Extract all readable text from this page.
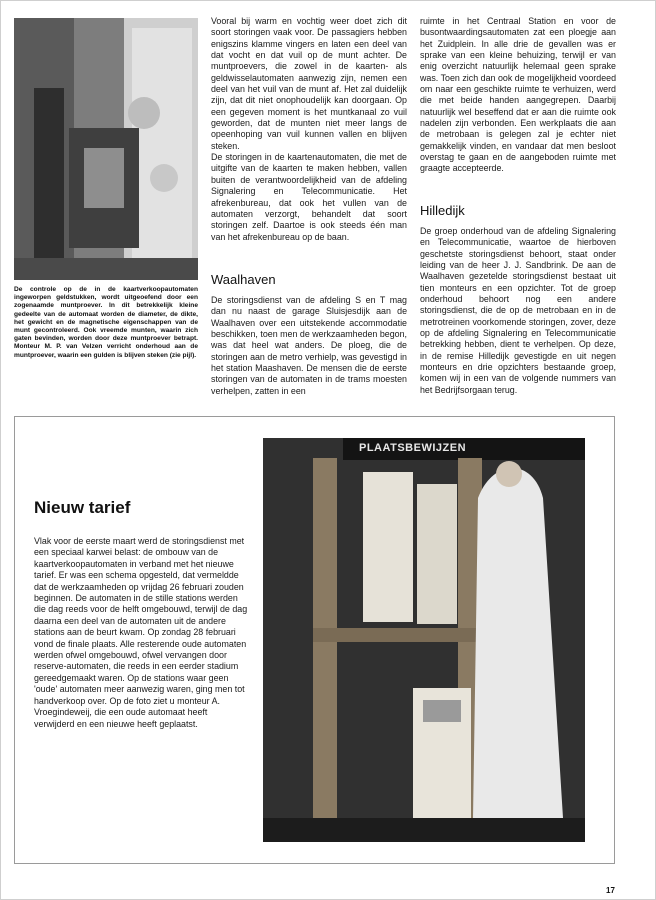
De controle op de in de kaartverkoopautomaten ingeworpen geldstukken, wordt uitgeoefend door een zogenaamde muntproever. In dit betrekkelijk kleine gedeelte van de automaat worden de diameter, de dikte, het gewicht en de magnetische eigenschappen van de munt gecontroleerd. Ook vreemde munten, waarin zich gaten bevinden, worden door deze muntproever betrapt. Monteur M. P. van Velzen verricht onderhoud aan de muntproever, waarin een gulden is blijven steken (zie pijl).

Vooral bij warm en vochtig weer doet zich dit soort storingen vaak voor. De passagiers hebben enigszins klamme vingers en laten een deel van dat vocht en dat vuil op de munt achter. De muntproevers, die zowel in de kaarten- als geldwisselautomaten aanwezig zijn, nemen een deel van het vuil van de munt af. Het zal duidelijk zijn, dat dit niet onophoudelijk kan doorgaan. Op een gegeven moment is het muntkanaal zo vuil geworden, dat de munten niet meer langs de opeenhoping van vuil kunnen vallen en blijven steken.

De storingen in de kaartenautomaten, die met de uitgifte van de kaarten te maken hebben, vallen buiten de verantwoordelijkheid van de afdeling Signalering en Telecommunicatie. Het afrekenbureau, dat ook het vullen van de automaten verzorgt, behandelt dat soort storingen zelf. Daartoe is ook steeds één man van het afrekenbureau op de baan.

Waalhaven

De storingsdienst van de afdeling S en T mag dan nu naast de garage Sluisjesdijk aan de Waalhaven over een uitstekende accommodatie beschikken, toen men de werkzaamheden begon, was dat heel wat anders. De ploeg, die de storingen aan de metro verhielp, was gevestigd in het station Maashaven. De mensen die de eerste storingen van de automaten in de trams moesten verhelpen, zatten in een

ruimte in het Centraal Station en voor de busontwaardingsautomaten zat een ploegje aan het Zuidplein. In alle drie de gevallen was er sprake van een kleine behuizing, terwijl er van enig overzicht natuurlijk helemaal geen sprake was. Toen zich dan ook de mogelijkheid voordeed om naar een geschikte ruimte te verhuizen, werd die met beide handen aangegrepen. Daarbij natuurlijk wel beseffend dat er aan die ruimte ook nadelen zijn verbonden. Een werkplaats die aan de metrobaan is gelegen zal je echter niet gemakkelijk vinden, en vandaar dat men besloot overstag te gaan en de aangeboden ruimte met graagte accepteerde.

Hilledijk

De groep onderhoud van de afdeling Signalering en Telecommunicatie, waartoe de hierboven geschetste storingsdienst behoort, staat onder leiding van de heer J. J. Sandbrink. De aan de Waalhaven gezetelde storingsdienst bestaat uit tien monteurs en een opzichter. Tot de groep onderhoud behoort nog een andere storingsdienst, die de op de metrobaan en in de metrotreinen voorkomende storingen, zover, deze op de afdeling Signalering en Telecommunicatie betrekking hebben, dient te verhelpen. Op deze, in de remise Hilledijk gevestigde en uit negen monteurs en drie opzichters bestaande groep, komen wij in een van de volgende nummers van het Bedrijfsorgaan terug.

Nieuw tarief

Vlak voor de eerste maart werd de storingsdienst met een speciaal karwei belast: de ombouw van de kaartverkoopautomaten in verband met het nieuwe tarief. Er was een schema opgesteld, dat vermeldde dat de werkzaamheden op vrijdag 26 februari zouden beginnen. De automaten in de stille stations werden die dag reeds voor de helft omgebouwd, terwijl de dag daarna een deel van de automaten uit de andere stations aan de beurt kwam. Op zondag 28 februari vond de finale plaats. Alle resterende oude automaten werden ofwel omgebouwd, ofwel vervangen door reserve-automaten, die reeds in een eerder stadium gereedgemaakt waren. Op de stations waar geen 'oude' automaten meer aanwezig waren, ging men tot handverkoop over. Op de foto ziet u monteur A. Vroegindeweij, die een oude automaat heeft verwijderd en een nieuwe heeft geplaatst.

PLAATSBEWIJZEN
17
